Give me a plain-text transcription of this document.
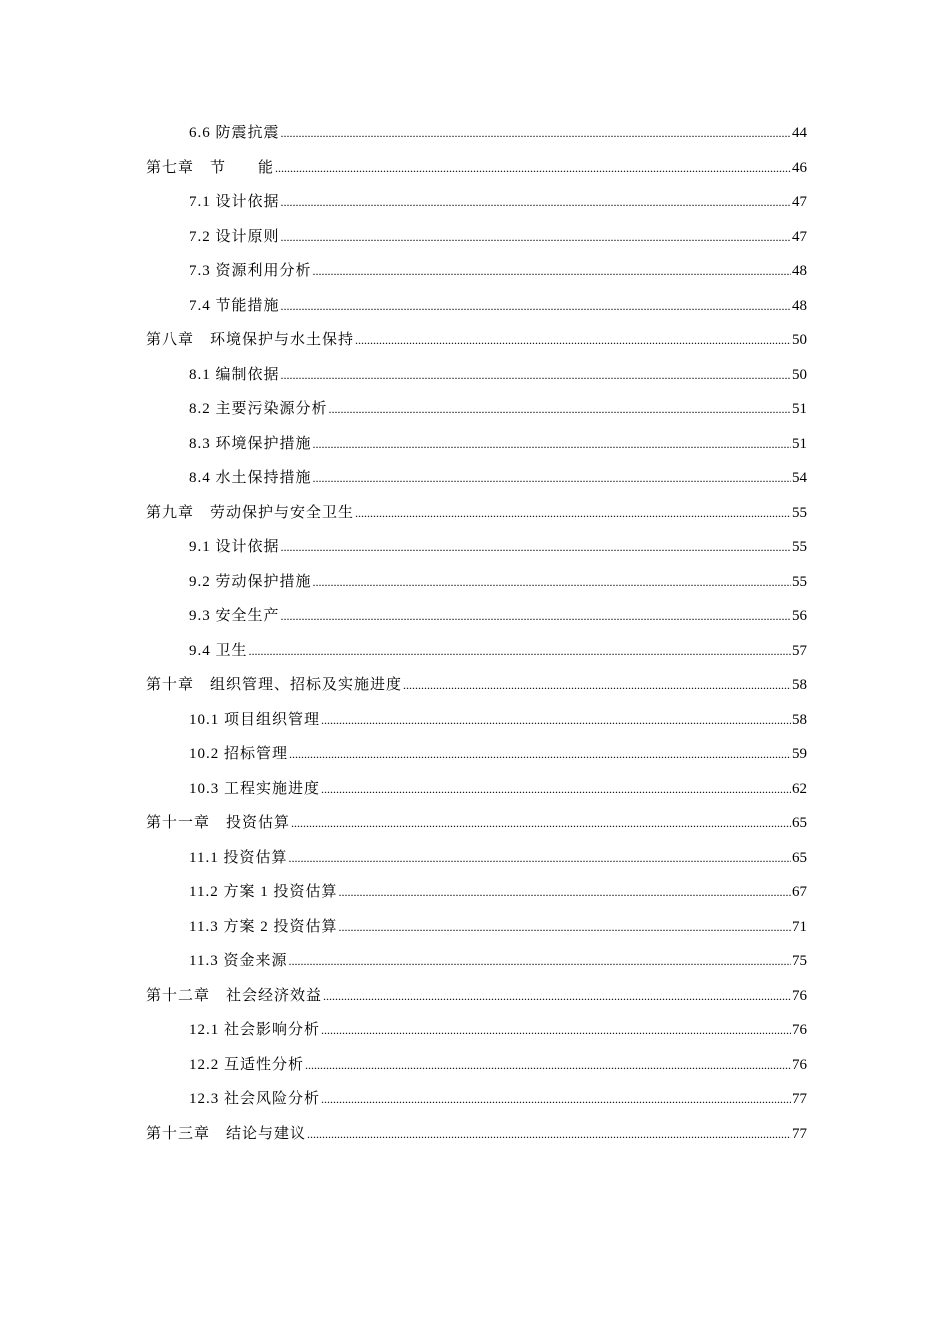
6.6 防震抗震 .....	44
第七章　节　　能 .....	46
7.1 设计依据 .....	47
7.2 设计原则 .....	47
7.3 资源利用分析 .....	48
7.4 节能措施 .....	48
第八章　环境保护与水土保持 .....	50
8.1 编制依据 .....	50
8.2 主要污染源分析 .....	51
8.3 环境保护措施 .....	51
8.4 水土保持措施 .....	54
第九章　劳动保护与安全卫生 .....	55
9.1 设计依据 .....	55
9.2 劳动保护措施 .....	55
9.3 安全生产 .....	56
9.4 卫生 .....	57
第十章　组织管理、招标及实施进度 .....	58
10.1 项目组织管理 .....	58
10.2 招标管理 .....	59
10.3 工程实施进度 .....	62
第十一章　投资估算 .....	65
11.1 投资估算 .....	65
11.2 方案 1 投资估算 .....	67
11.3 方案 2 投资估算 .....	71
11.3 资金来源 .....	75
第十二章　社会经济效益 .....	76
12.1 社会影响分析 .....	76
12.2 互适性分析 .....	76
12.3 社会风险分析 .....	77
第十三章　结论与建议 .....	77
